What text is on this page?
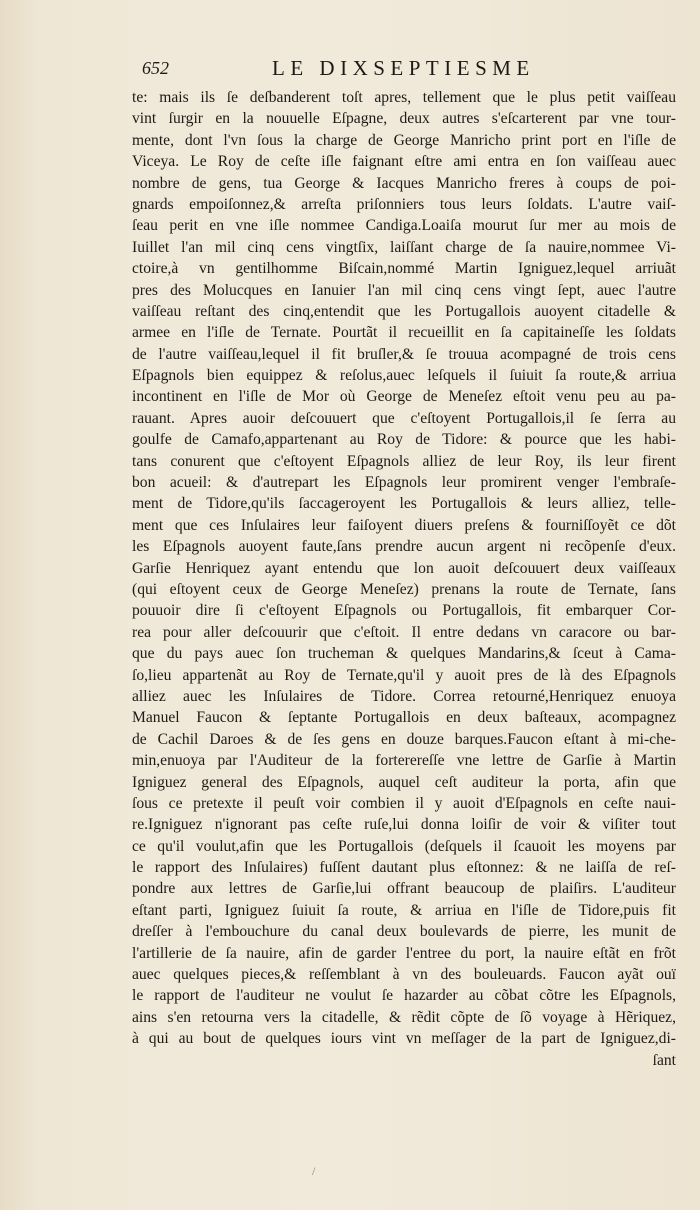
652	LE DIXSEPTIESME
te: mais ils ſe deſbanderent toſt apres, tellement que le plus petit vaiſſeau
vint ſurgir en la nouuelle Eſpagne, deux autres s'eſcarterent par vne tour-
mente, dont l'vn ſous la charge de George Manricho print port en l'iſle de
Viceya. Le Roy de ceſte iſle faignant eſtre ami entra en ſon vaiſſeau auec
nombre de gens, tua George & Iacques Manricho freres à coups de poi-
gnards empoiſonnez,& arreſta priſonniers tous leurs ſoldats. L'autre vaiſ-
ſeau perit en vne iſle nommee Candiga.Loaiſa mourut ſur mer au mois de
Iuillet l'an mil cinq cens vingtſix, laiſſant charge de ſa nauire,nommee Vi-
ctoire,à vn gentilhomme Biſcain,nommé Martin Igniguez,lequel arriuãt
pres des Molucques en Ianuier l'an mil cinq cens vingt ſept, auec l'autre
vaiſſeau reſtant des cinq,entendit que les Portugallois auoyent citadelle &
armee en l'iſle de Ternate. Pourtãt il recueillit en ſa capitaineſſe les ſoldats
de l'autre vaiſſeau,lequel il fit bruſler,& ſe trouua acompagné de trois cens
Eſpagnols bien equippez & reſolus,auec leſquels il ſuiuit ſa route,& arriua
incontinent en l'iſle de Mor où George de Meneſez eſtoit venu peu au pa-
rauant. Apres auoir deſcouuert que c'eſtoyent Portugallois,il ſe ſerra au
goulfe de Camafo,appartenant au Roy de Tidore: & pource que les habi-
tans conurent que c'eſtoyent Eſpagnols alliez de leur Roy, ils leur firent
bon acueil: & d'autrepart les Eſpagnols leur promirent venger l'embraſe-
ment de Tidore,qu'ils ſaccageroyent les Portugallois & leurs alliez, telle-
ment que ces Inſulaires leur faiſoyent diuers preſens & fourniſſoyẽt ce dõt
les Eſpagnols auoyent faute,ſans prendre aucun argent ni recõpenſe d'eux.
Garſie Henriquez ayant entendu que lon auoit deſcouuert deux vaiſſeaux
(qui eſtoyent ceux de George Meneſez) prenans la route de Ternate, ſans
pouuoir dire ſi c'eſtoyent Eſpagnols ou Portugallois, fit embarquer Cor-
rea pour aller deſcouurir que c'eſtoit. Il entre dedans vn caracore ou bar-
que du pays auec ſon trucheman & quelques Mandarins,& ſceut à Cama-
ſo,lieu appartenãt au Roy de Ternate,qu'il y auoit pres de là des Eſpagnols
alliez auec les Inſulaires de Tidore. Correa retourné,Henriquez enuoya
Manuel Faucon & ſeptante Portugallois en deux baſteaux, acompagnez
de Cachil Daroes & de ſes gens en douze barques.Faucon eſtant à mi-che-
min,enuoya par l'Auditeur de la forterereſſe vne lettre de Garſie à Martin
Igniguez general des Eſpagnols, auquel ceſt auditeur la porta, afin que
ſous ce pretexte il peuſt voir combien il y auoit d'Eſpagnols en ceſte naui-
re.Igniguez n'ignorant pas ceſte ruſe,lui donna loiſir de voir & viſiter tout
ce qu'il voulut,afin que les Portugallois (deſquels il ſcauoit les moyens par
le rapport des Inſulaires) fuſſent dautant plus eſtonnez: & ne laiſſa de reſ-
pondre aux lettres de Garſie,lui offrant beaucoup de plaiſirs. L'auditeur
eſtant parti, Igniguez ſuiuit ſa route, & arriua en l'iſle de Tidore,puis fit
dreſſer à l'embouchure du canal deux boulevards de pierre, les munit de
l'artillerie de ſa nauire, afin de garder l'entree du port, la nauire eſtãt en frõt
auec quelques pieces,& reſſemblant à vn des bouleuards. Faucon ayãt ouï
le rapport de l'auditeur ne voulut ſe hazarder au cõbat cõtre les Eſpagnols,
ains s'en retourna vers la citadelle, & rẽdit cõpte de ſõ voyage à Hẽriquez,
à qui au bout de quelques iours vint vn meſſager de la part de Igniguez,di-
ſant
/
